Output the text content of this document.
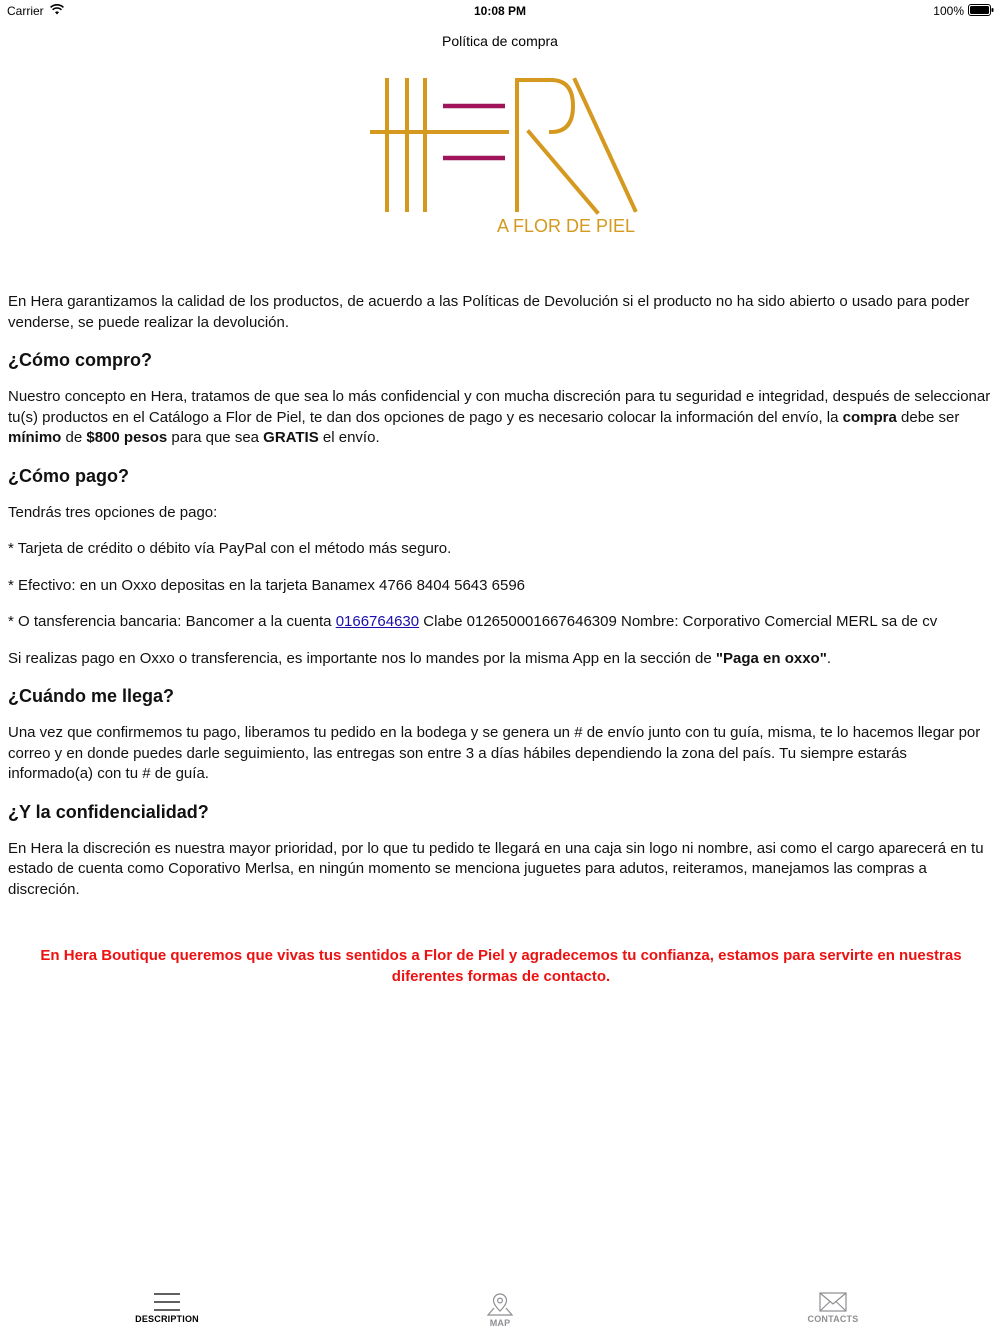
Carrier	10:08 PM	100%
Política de compra
A FLOR DE PIEL

En Hera garantizamos la calidad de los productos, de acuerdo a las Políticas de Devolución si el producto no ha sido abierto o usado para poder venderse, se puede realizar la devolución.

¿Cómo compro?

Nuestro concepto en Hera, tratamos de que sea lo más confidencial y con mucha discreción para tu seguridad e integridad, después de seleccionar tu(s) productos en el Catálogo a Flor de Piel, te dan dos opciones de pago y es necesario colocar la información del envío, la compra debe ser mínimo de $800 pesos para que sea GRATIS el envío.

¿Cómo pago?

Tendrás tres opciones de pago:

* Tarjeta de crédito o débito vía PayPal con el método más seguro.

* Efectivo: en un Oxxo depositas en la tarjeta Banamex 4766 8404 5643 6596

* O tansferencia bancaria: Bancomer a la cuenta 0166764630 Clabe 012650001667646309 Nombre: Corporativo Comercial MERL sa de cv

Si realizas pago en Oxxo o transferencia, es importante nos lo mandes por la misma App en la sección de "Paga en oxxo".

¿Cuándo me llega?

Una vez que confirmemos tu pago, liberamos tu pedido en la bodega y se genera un # de envío junto con tu guía, misma, te lo hacemos llegar por correo y en donde puedes darle seguimiento, las entregas son entre 3 a días hábiles dependiendo la zona del país. Tu siempre estarás informado(a) con tu # de guía.

¿Y la confidencialidad?

En Hera la discreción es nuestra mayor prioridad, por lo que tu pedido te llegará en una caja sin logo ni nombre, asi como el cargo aparecerá en tu estado de cuenta como Coporativo Merlsa, en ningún momento se menciona juguetes para adutos, reiteramos, manejamos las compras a discreción.

En Hera Boutique queremos que vivas tus sentidos a Flor de Piel y agradecemos tu confianza, estamos para servirte en nuestras diferentes formas de contacto.

DESCRIPTION	MAP	CONTACTS
